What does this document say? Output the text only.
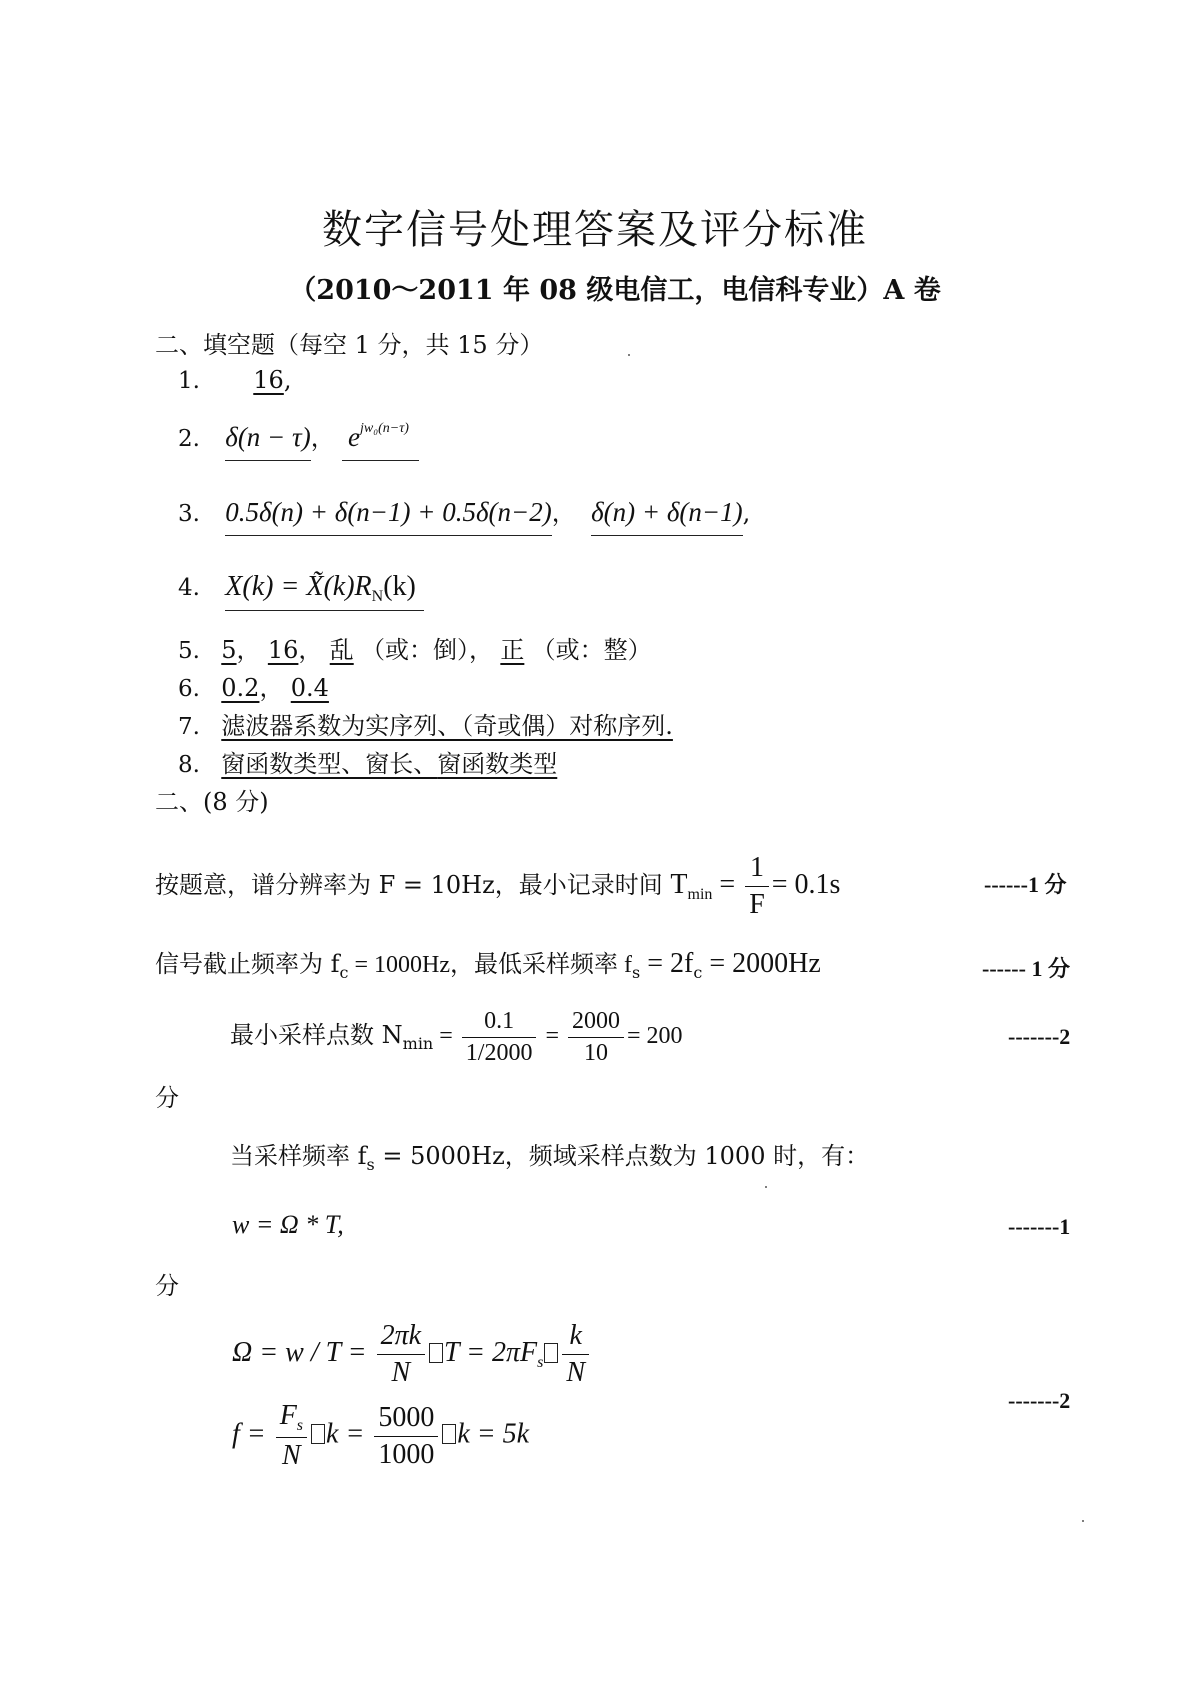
数字信号处理答案及评分标准
（2010～2011 年 08 级电信工，电信科专业）A 卷
二、填空题（每空 1 分，共 15 分）
1. 16,
2. δ(n − τ)， $e^{jw_0(n-\tau)}$
3. 0.5δ(n) + δ(n−1) + 0.5δ(n−2)， δ(n) + δ(n−1),
4. $X(k) = X̃(k)R_N(k)$
5. 5， 16， 乱 （或：倒）， 正 （或：整）
6. 0.2， 0.4
7. 滤波器系数为实序列、（奇或偶）对称序列.
8. 窗函数类型、窗长、窗函数类型
二、(8 分)
按题意，谱分辨率为 F = 10Hz，最小记录时间 $T_{min} = \frac{1}{F} = 0.1s$	------1 分
信号截止频率为 $f_c = 1000Hz$，最低采样频率 $f_s = 2f_c = 2000Hz$	------ 1 分
最小采样点数 $N_{min} = \frac{0.1}{1/2000} = \frac{2000}{10} = 200$	-------2
分
当采样频率 $f_s = 5000Hz$，频域采样点数为 1000 时，有：
w = Ω * T,	-------1
分
$\Omega = w / T = \frac{2\pi k}{N}$ $T = 2\pi F_s \frac{k}{N}$
-------2
$f = \frac{F_s}{N}$ $k = \frac{5000}{1000}$ k = 5k
